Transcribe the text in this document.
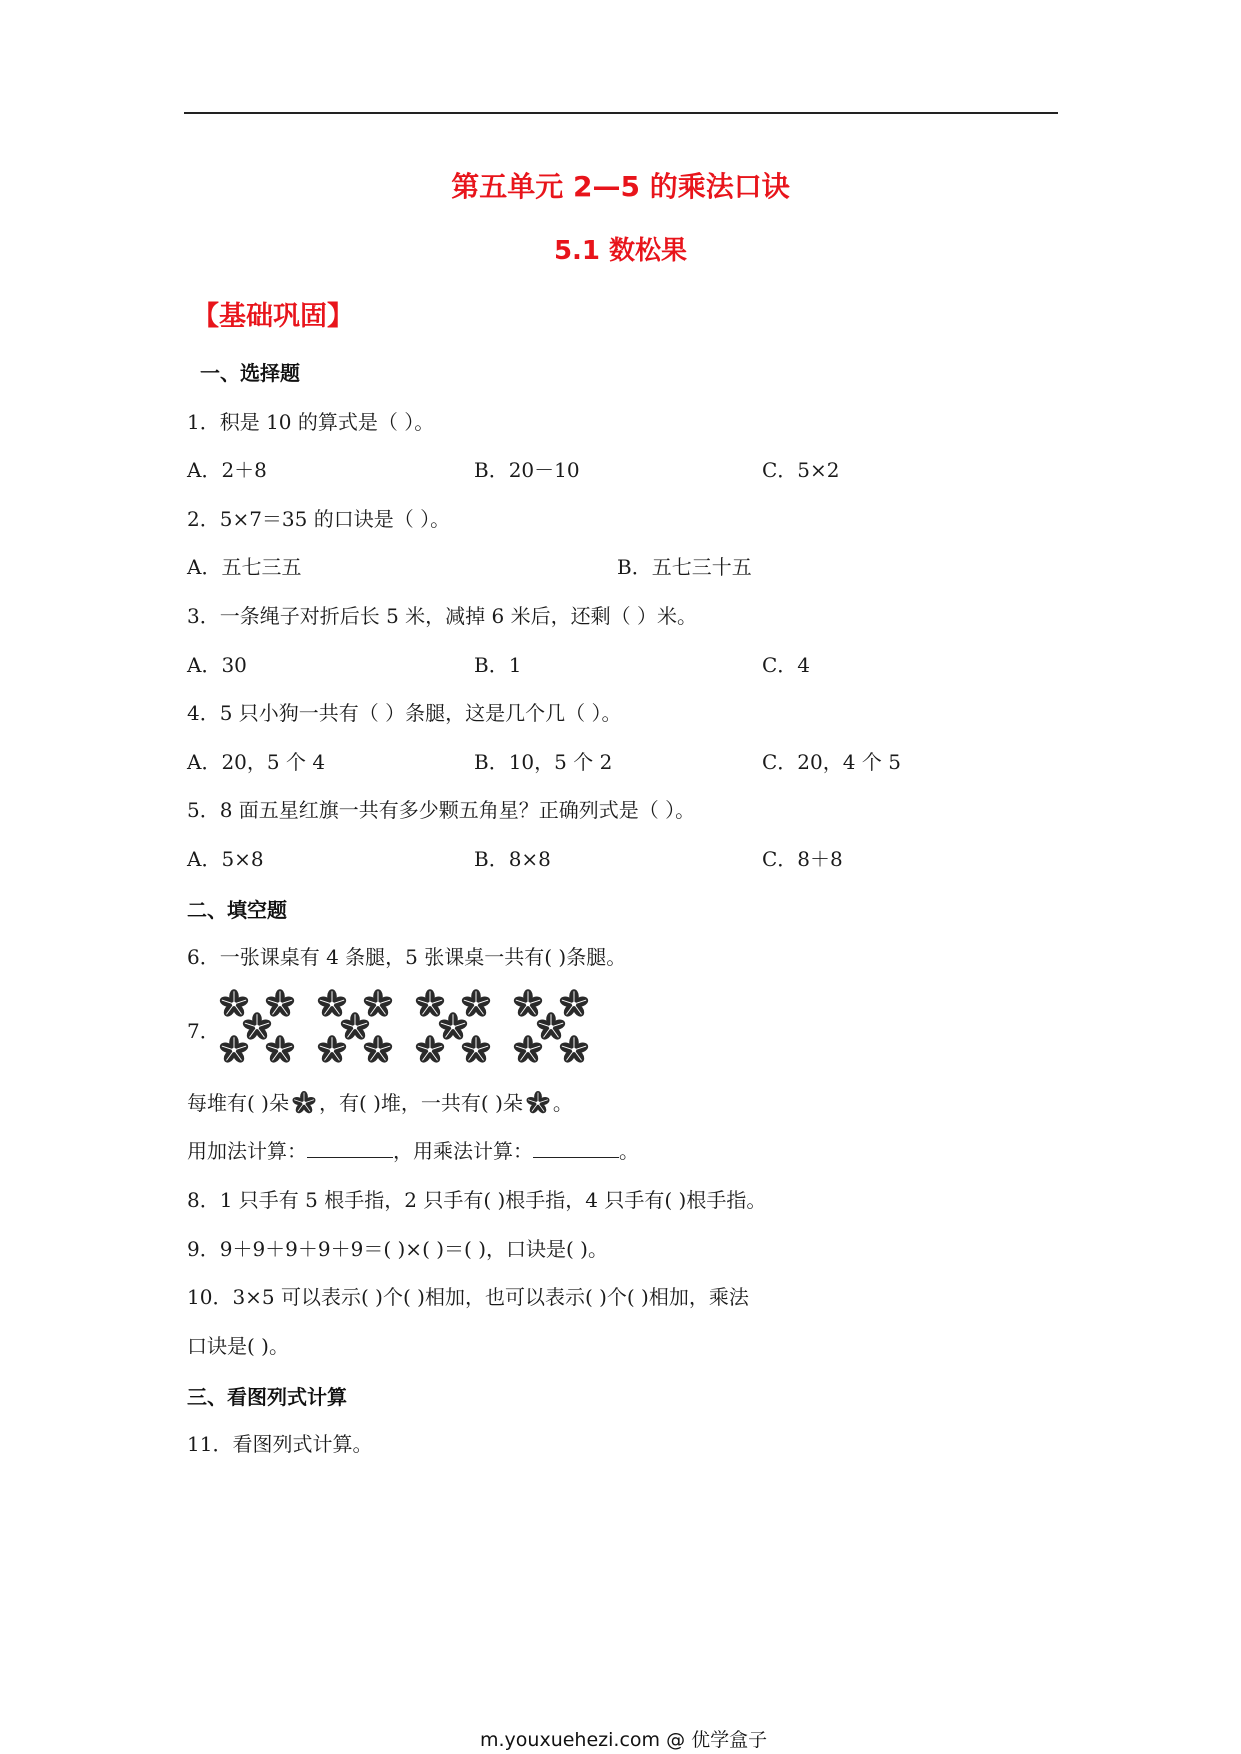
第五单元 2—5 的乘法口诀
5.1 数松果
【基础巩固】
一、选择题
1．积是 10 的算式是（ ）。
A．2＋8	B．20－10	C．5×2
2．5×7＝35 的口诀是（ ）。
A．五七三五	B．五七三十五
3．一条绳子对折后长 5 米，减掉 6 米后，还剩（ ）米。
A．30	B．1	C．4
4．5 只小狗一共有（ ）条腿，这是几个几（ ）。
A．20，5 个 4	B．10，5 个 2	C．20，4 个 5
5．8 面五星红旗一共有多少颗五角星？正确列式是（ ）。
A．5×8	B．8×8	C．8＋8
二、填空题
6．一张课桌有 4 条腿，5 张课桌一共有( )条腿。
7．
每堆有( )朵 ，有( )堆，一共有( )朵 。
用加法计算：	，用乘法计算：	。
8．1 只手有 5 根手指，2 只手有( )根手指，4 只手有( )根手指。
9．9＋9＋9＋9＋9＝( )×( )＝( )，口诀是( )。
10．3×5 可以表示( )个( )相加，也可以表示( )个( )相加，乘法
口诀是( )。
三、看图列式计算
11．看图列式计算。
m.youxuehezi.com @ 优学盒子
